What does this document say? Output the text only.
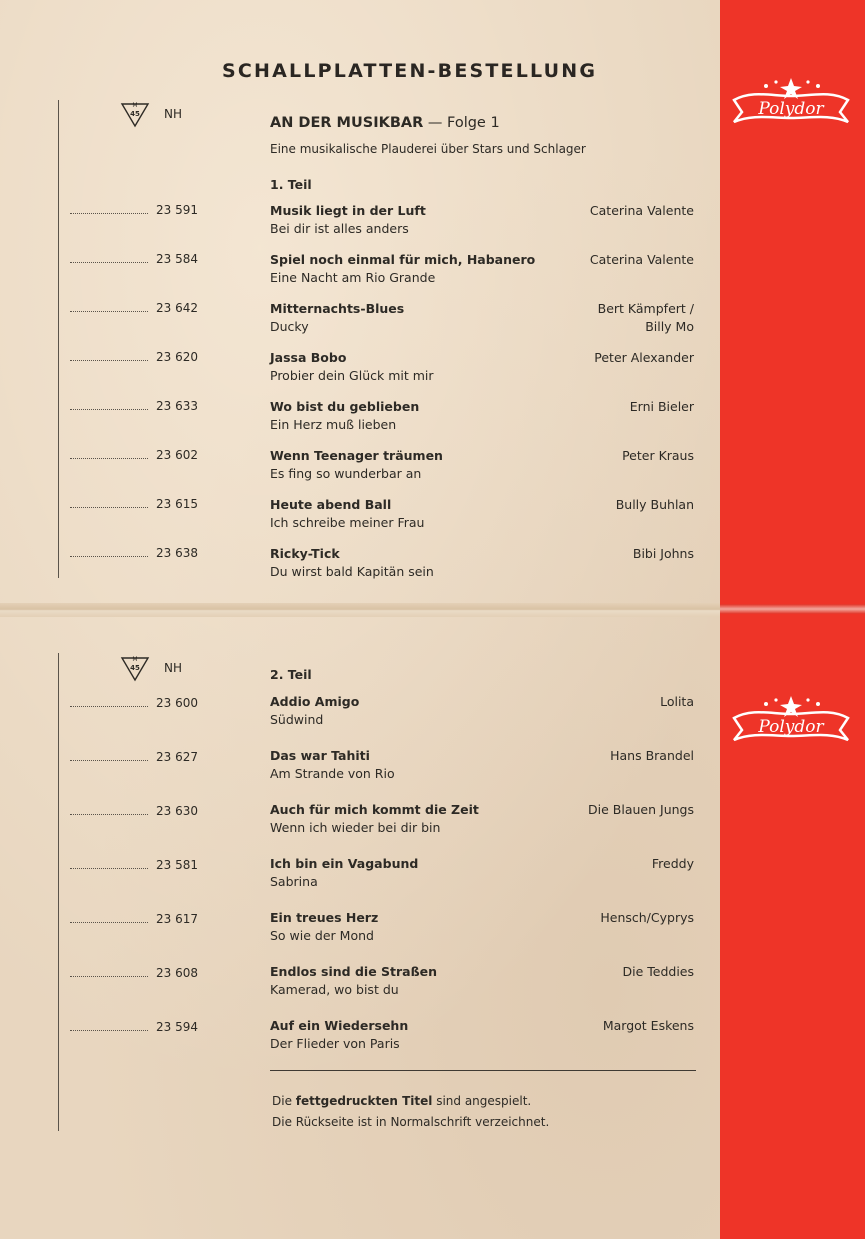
Polydor
Polydor
SCHALLPLATTEN-BESTELLUNG
M
45 NH
M
45 NH
AN DER MUSIKBAR — Folge 1
Eine musikalische Plauderei über Stars und Schlager
1. Teil
23 591	Musik liegt in der Luft
Bei dir ist alles anders
Caterina Valente
23 584	Spiel noch einmal für mich, Habanero
Eine Nacht am Rio Grande
Caterina Valente
23 642	Mitternachts-Blues
Ducky
Bert Kämpfert /
Billy Mo
23 620	Jassa Bobo
Probier dein Glück mit mir
Peter Alexander
23 633	Wo bist du geblieben
Ein Herz muß lieben
Erni Bieler
23 602	Wenn Teenager träumen
Es fing so wunderbar an
Peter Kraus
23 615	Heute abend Ball
Ich schreibe meiner Frau
Bully Buhlan
23 638	Ricky-Tick
Du wirst bald Kapitän sein
Bibi Johns
2. Teil
23 600	Addio Amigo
Südwind
Lolita
23 627	Das war Tahiti
Am Strande von Rio
Hans Brandel
23 630	Auch für mich kommt die Zeit
Wenn ich wieder bei dir bin
Die Blauen Jungs
23 581	Ich bin ein Vagabund
Sabrina
Freddy
23 617	Ein treues Herz
So wie der Mond
Hensch/Cyprys
23 608	Endlos sind die Straßen
Kamerad, wo bist du
Die Teddies
23 594	Auf ein Wiedersehn
Der Flieder von Paris
Margot Eskens
Die fettgedruckten Titel sind angespielt.
Die Rückseite ist in Normalschrift verzeichnet.
